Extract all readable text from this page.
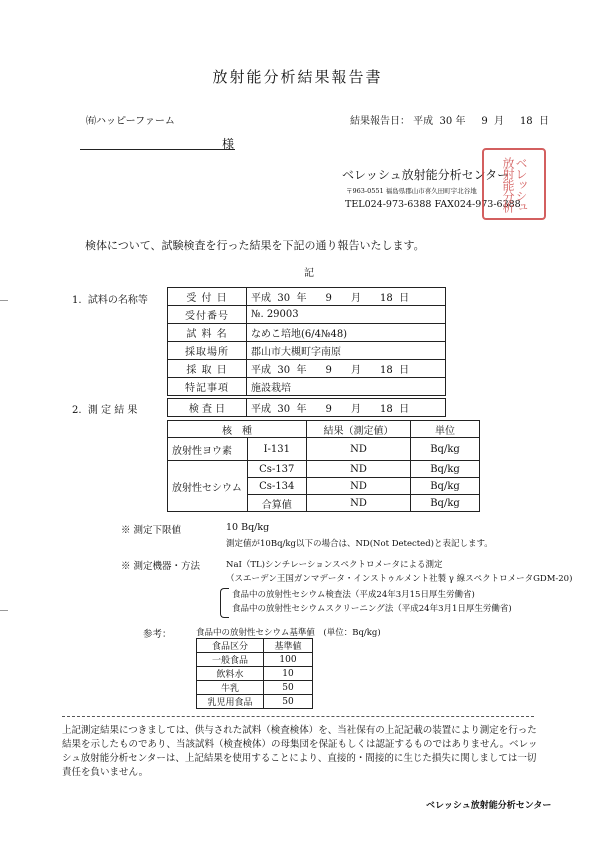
放射能分析結果報告書
㈲ハッピーファーム	結果報告日： 平成  30 年     9  月     18  日
様
ベレッシュ放射能分析センター
〒963-0551 福島県郡山市喜久田町宇北谷地
TEL024-973-6388 FAX024-973-6388
ベレッシュ 放射能分析
検体について、試験検査を行った結果を下記の通り報告いたします。
記
1.  試料の名称等	受 付 日	平成  30  年      9      月      18  日
受付番号	№. 29003
試 料 名	なめこ培地(6/4№48)
採取場所	郡山市大槻町字南原
採 取 日	平成  30  年      9      月      18  日
特記事項	施設栽培
2.  測 定 結 果	検 査 日	平成  30  年      9      月      18  日
核　種		結果（測定値）	単位
放射性ヨウ素	I-131	ND	Bq/kg
放射性セシウム	Cs-137	ND	Bq/kg
	Cs-134	ND	Bq/kg
	合算値	ND	Bq/kg
※ 測定下限値	10 Bq/kg
測定値が10Bq/kg以下の場合は、ND(Not Detected)と表記します。
※ 測定機器・方法	NaI（TL)シンチレーションスペクトロメータによる測定
（スエーデン王国ガンマデータ・インストゥルメント社製 γ 線スペクトロメータGDM-20)
食品中の放射性セシウム検査法（平成24年3月15日厚生労働省)
食品中の放射性セシウムスクリーニング法（平成24年3月1日厚生労働省)
参考：	食品中の放射性セシウム基準値　(単位：Bq/kg)
食品区分	基準値
一般食品	100
飲料水	10
牛乳	50
乳児用食品	50
上記測定結果につきましては、供与された試料（検査検体）を、当社保有の上記記載の装置により測定を行った結果を示したものであり、当該試料（検査検体）の母集団を保証もしくは認証するものではありません。ベレッシュ放射能分析センターは、上記結果を使用することにより、直接的・間接的に生じた損失に関しましては一切責任を負いません。
ベレッシュ放射能分析センター
